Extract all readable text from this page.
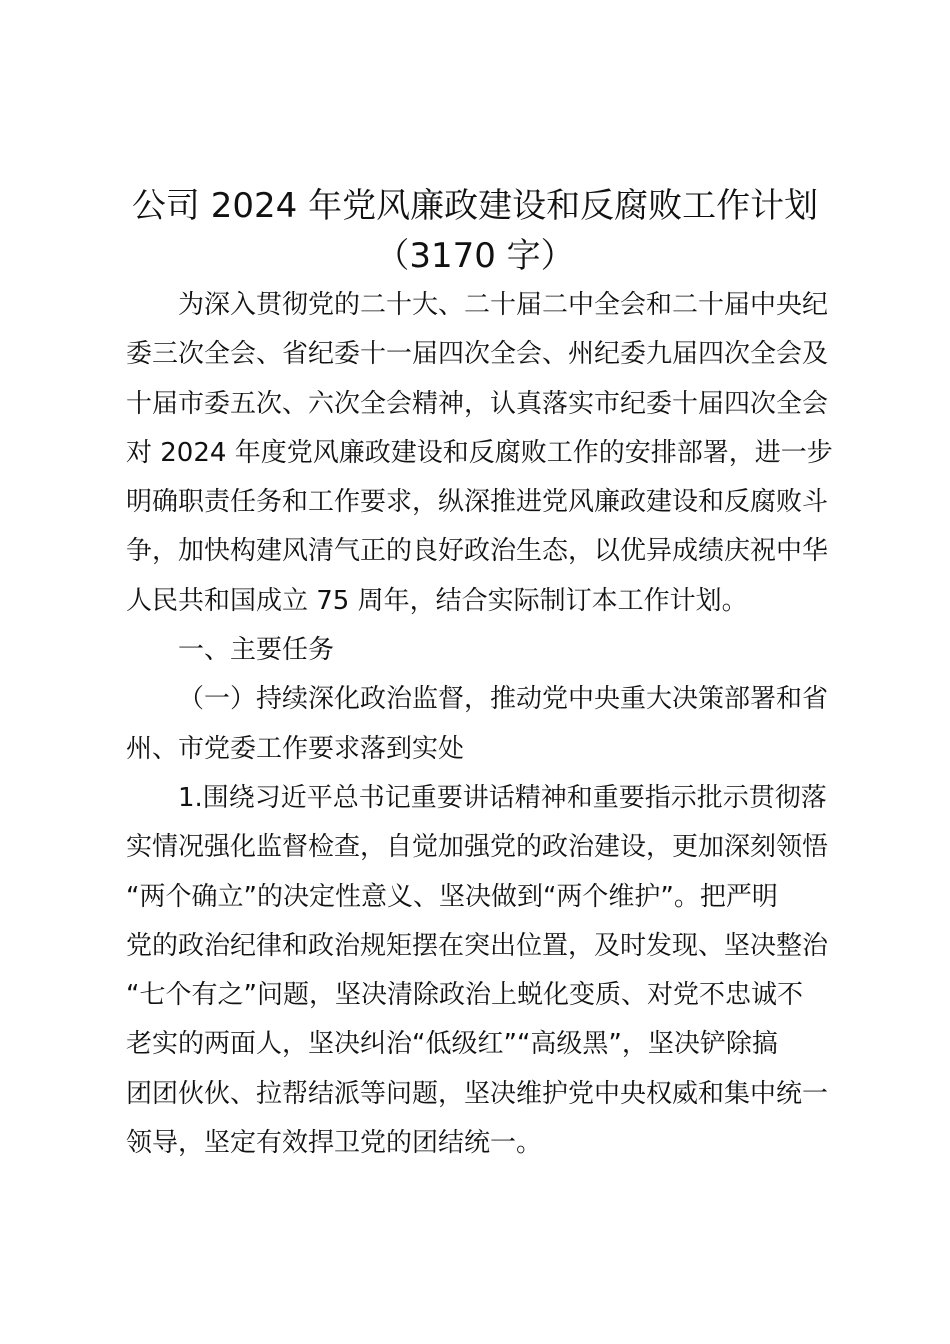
公司 2024 年党风廉政建设和反腐败工作计划
（3170 字）
为深入贯彻党的二十大、二十届二中全会和二十届中央纪
委三次全会、省纪委十一届四次全会、州纪委九届四次全会及
十届市委五次、六次全会精神，认真落实市纪委十届四次全会
对 2024 年度党风廉政建设和反腐败工作的安排部署，进一步
明确职责任务和工作要求，纵深推进党风廉政建设和反腐败斗
争，加快构建风清气正的良好政治生态，以优异成绩庆祝中华
人民共和国成立 75 周年，结合实际制订本工作计划。
一、主要任务
（一）持续深化政治监督，推动党中央重大决策部署和省
州、市党委工作要求落到实处
1.围绕习近平总书记重要讲话精神和重要指示批示贯彻落
实情况强化监督检查，自觉加强党的政治建设，更加深刻领悟
“两个确立”的决定性意义、坚决做到“两个维护”。把严明
党的政治纪律和政治规矩摆在突出位置，及时发现、坚决整治
“七个有之”问题，坚决清除政治上蜕化变质、对党不忠诚不
老实的两面人，坚决纠治“低级红”“高级黑”，坚决铲除搞
团团伙伙、拉帮结派等问题，坚决维护党中央权威和集中统一
领导，坚定有效捍卫党的团结统一。
